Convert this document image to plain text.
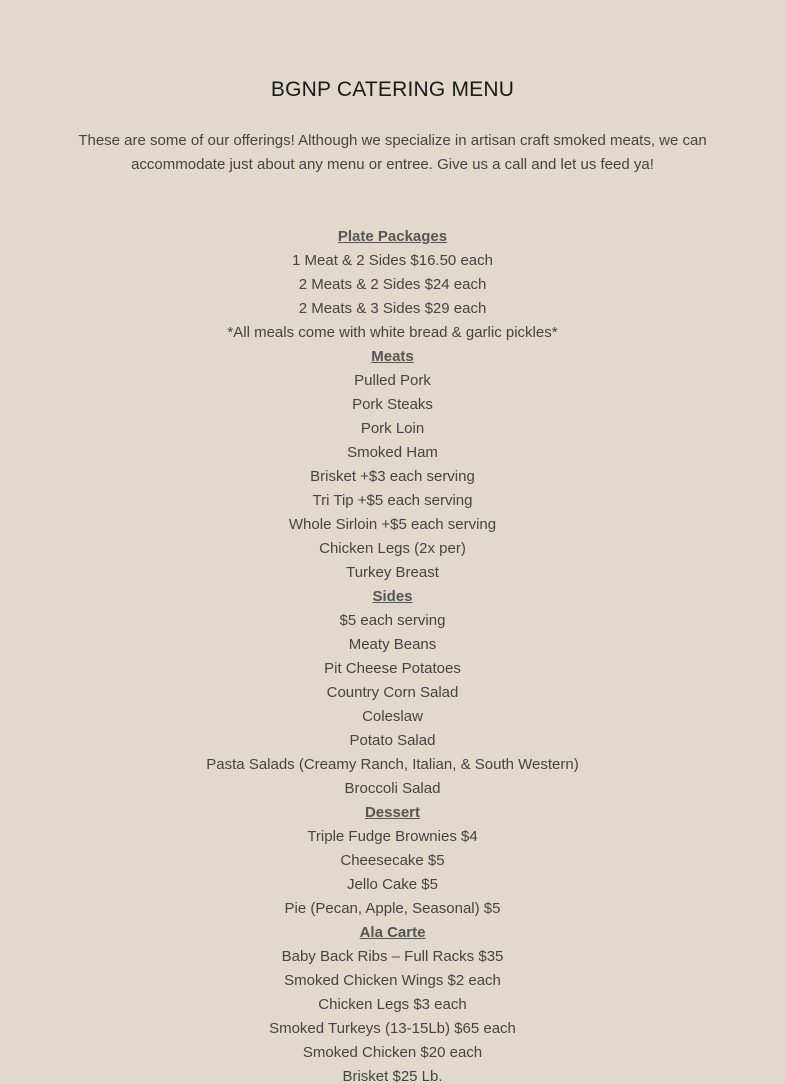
BGNP CATERING MENU

These are some of our offerings! Although we specialize in artisan craft smoked meats, we can accommodate just about any menu or entree. Give us a call and let us feed ya!

Plate Packages
1 Meat & 2 Sides $16.50 each
2 Meats & 2 Sides $24 each
2 Meats & 3 Sides $29 each
*All meals come with white bread & garlic pickles*
Meats
Pulled Pork
Pork Steaks
Pork Loin
Smoked Ham
Brisket +$3 each serving
Tri Tip +$5 each serving
Whole Sirloin +$5 each serving
Chicken Legs (2x per)
Turkey Breast
Sides
$5 each serving
Meaty Beans
Pit Cheese Potatoes
Country Corn Salad
Coleslaw
Potato Salad
Pasta Salads (Creamy Ranch, Italian, & South Western)
Broccoli Salad
Dessert
Triple Fudge Brownies $4
Cheesecake $5
Jello Cake $5
Pie (Pecan, Apple, Seasonal) $5
Ala Carte
Baby Back Ribs – Full Racks $35
Smoked Chicken Wings $2 each
Chicken Legs $3 each
Smoked Turkeys (13-15Lb) $65 each
Smoked Chicken $20 each
Brisket $25 Lb.
